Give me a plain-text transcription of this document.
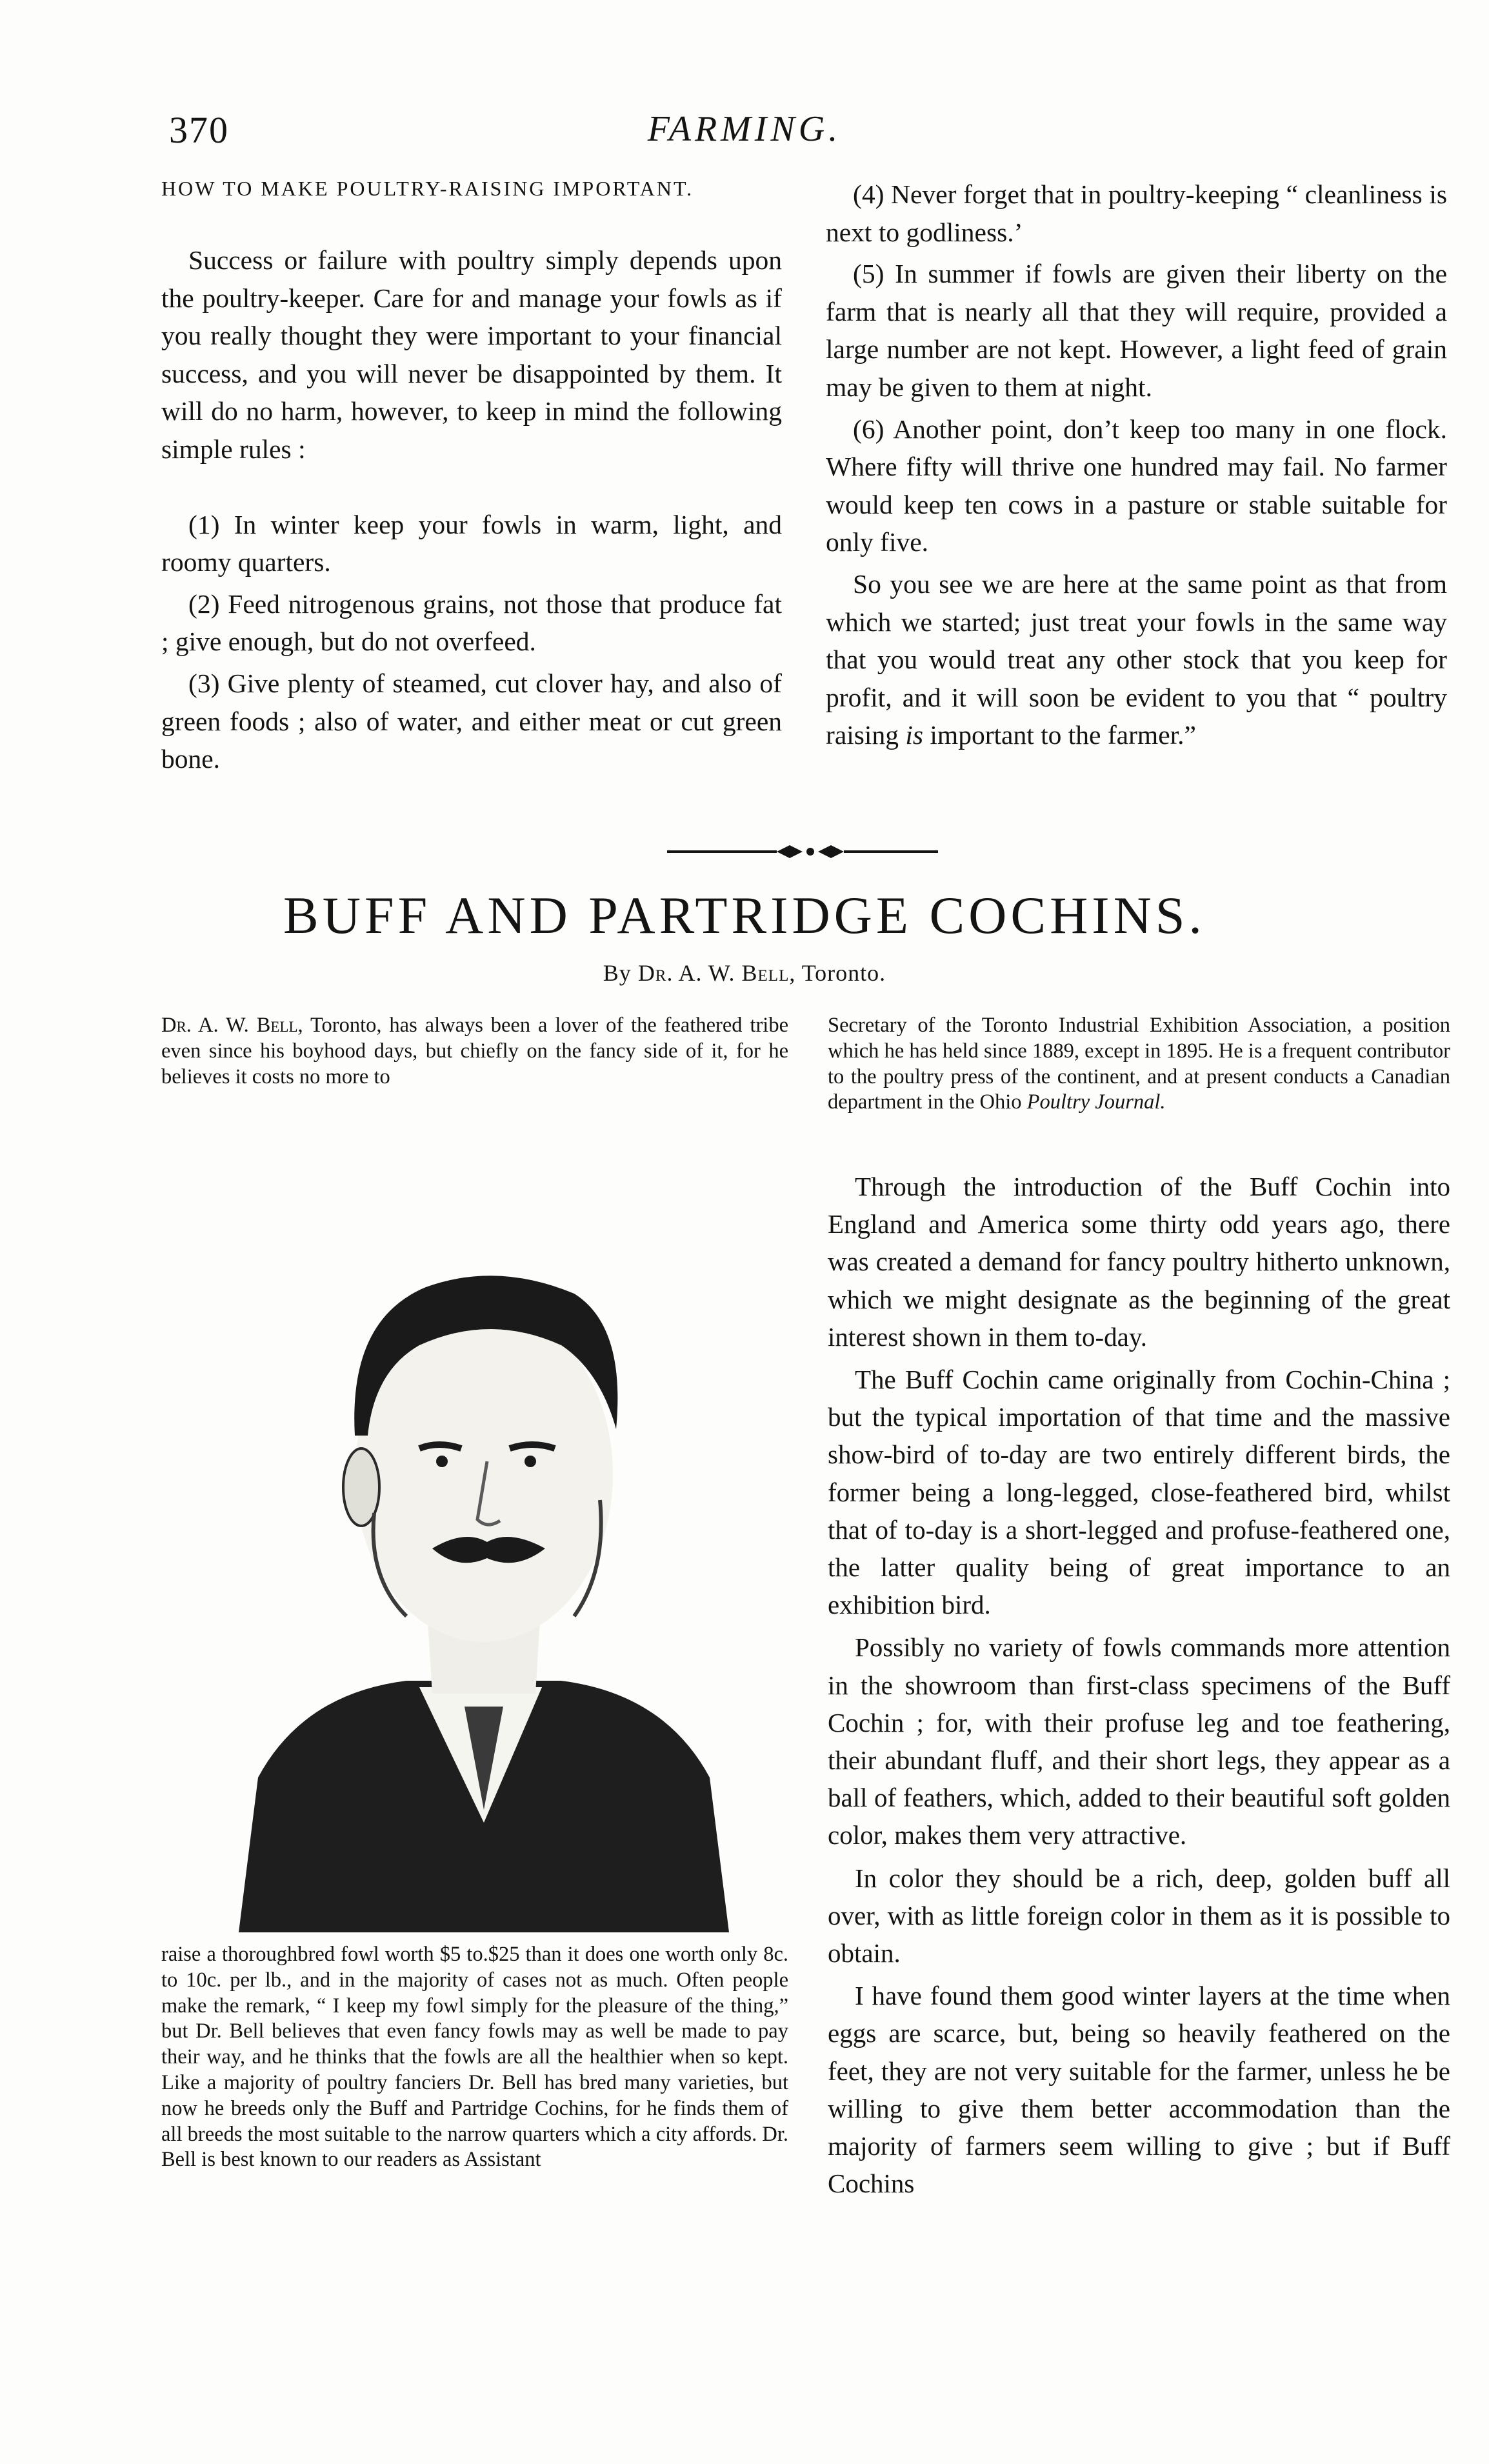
370	FARMING.
HOW TO MAKE POULTRY-RAISING IMPORTANT.

Success or failure with poultry simply depends upon the poultry-keeper. Care for and manage your fowls as if you really thought they were important to your financial success, and you will never be disappointed by them. It will do no harm, however, to keep in mind the following simple rules :

(1) In winter keep your fowls in warm, light, and roomy quarters.

(2) Feed nitrogenous grains, not those that produce fat ; give enough, but do not overfeed.

(3) Give plenty of steamed, cut clover hay, and also of green foods ; also of water, and either meat or cut green bone.

(4) Never forget that in poultry-keeping “ cleanliness is next to godliness.’

(5) In summer if fowls are given their liberty on the farm that is nearly all that they will require, provided a large number are not kept. However, a light feed of grain may be given to them at night.

(6) Another point, don’t keep too many in one flock. Where fifty will thrive one hundred may fail. No farmer would keep ten cows in a pasture or stable suitable for only five.

So you see we are here at the same point as that from which we started; just treat your fowls in the same way that you would treat any other stock that you keep for profit, and it will soon be evident to you that “ poultry raising is important to the farmer.”

BUFF AND PARTRIDGE COCHINS.
By Dr. A. W. Bell, Toronto.
Dr. A. W. Bell, Toronto, has always been a lover of the feathered tribe even since his boyhood days, but chiefly on the fancy side of it, for he believes it costs no more to
raise a thoroughbred fowl worth $5 to.$25 than it does one worth only 8c. to 10c. per lb., and in the majority of cases not as much. Often people make the remark, “ I keep my fowl simply for the pleasure of the thing,” but Dr. Bell believes that even fancy fowls may as well be made to pay their way, and he thinks that the fowls are all the healthier when so kept. Like a majority of poultry fanciers Dr. Bell has bred many varieties, but now he breeds only the Buff and Partridge Cochins, for he finds them of all breeds the most suitable to the narrow quarters which a city affords. Dr. Bell is best known to our readers as Assistant
Secretary of the Toronto Industrial Exhibition Association, a position which he has held since 1889, except in 1895. He is a frequent contributor to the poultry press of the continent, and at present conducts a Canadian department in the Ohio Poultry Journal.

Through the introduction of the Buff Cochin into England and America some thirty odd years ago, there was created a demand for fancy poultry hitherto unknown, which we might designate as the beginning of the great interest shown in them to-day.

The Buff Cochin came originally from Cochin-China ; but the typical importation of that time and the massive show-bird of to-day are two entirely different birds, the former being a long-legged, close-feathered bird, whilst that of to-day is a short-legged and profuse-feathered one, the latter quality being of great importance to an exhibition bird.

Possibly no variety of fowls commands more attention in the showroom than first-class specimens of the Buff Cochin ; for, with their profuse leg and toe feathering, their abundant fluff, and their short legs, they appear as a ball of feathers, which, added to their beautiful soft golden color, makes them very attractive.

In color they should be a rich, deep, golden buff all over, with as little foreign color in them as it is possible to obtain.

I have found them good winter layers at the time when eggs are scarce, but, being so heavily feathered on the feet, they are not very suitable for the farmer, unless he be willing to give them better accommodation than the majority of farmers seem willing to give ; but if Buff Cochins
